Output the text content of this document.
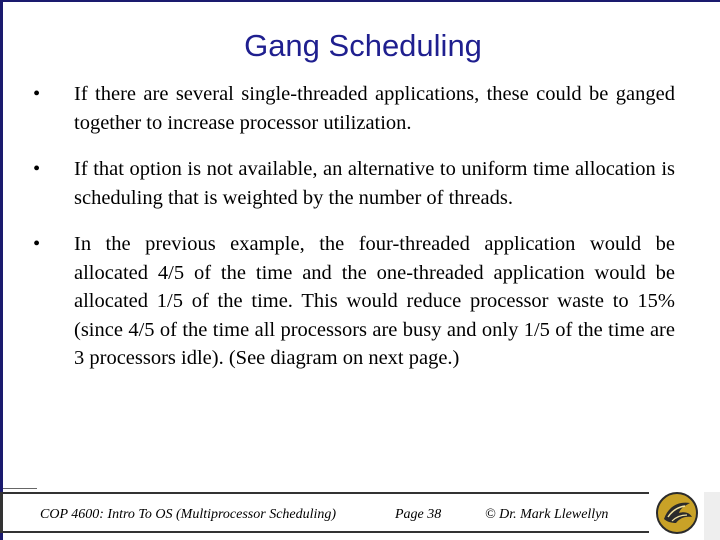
Gang Scheduling
• If there are several single-threaded applications, these could be ganged together to increase processor utilization.
• If that option is not available, an alternative to uniform time allocation is scheduling that is weighted by the number of threads.
• In the previous example, the four-threaded application would be allocated 4/5 of the time and the one-threaded application would be allocated 1/5 of the time. This would reduce processor waste to 15% (since 4/5 of the time all processors are busy and only 1/5 of the time are 3 processors idle). (See diagram on next page.)
COP 4600: Intro To OS (Multiprocessor Scheduling)	Page 38	© Dr. Mark Llewellyn
